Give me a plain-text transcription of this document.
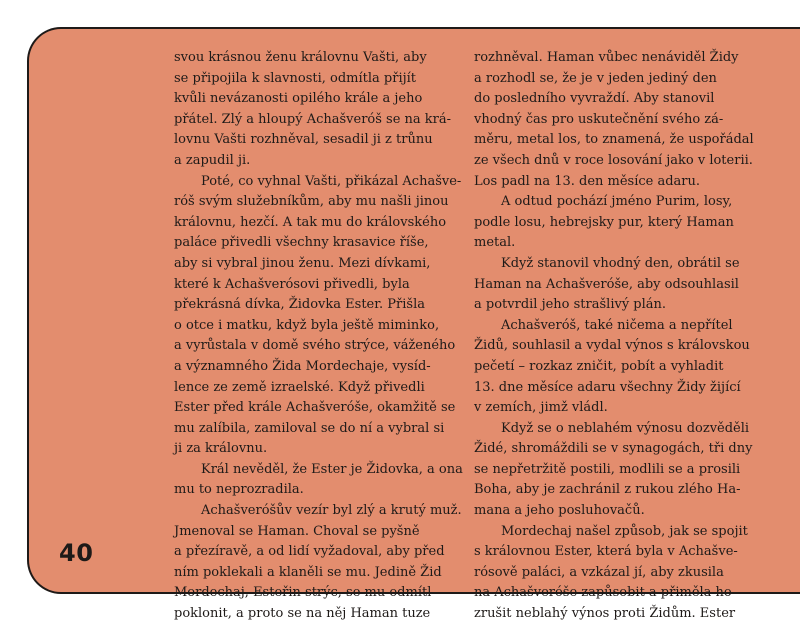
svou krásnou ženu královnu Vašti, aby
se připojila k slavnosti, odmítla přijít
kvůli nevázanosti opilého krále a jeho
přátel. Zlý a hloupý Achašveróš se na krá-
lovnu Vašti rozhněval, sesadil ji z trůnu
a zapudil ji.
Poté, co vyhnal Vašti, přikázal Achašve-
róš svým služebníkům, aby mu našli jinou
královnu, hezčí. A tak mu do královského
paláce přivedli všechny krasavice říše,
aby si vybral jinou ženu. Mezi dívkami,
které k Achašverósovi přivedli, byla
překrásná dívka, Židovka Ester. Přišla
o otce i matku, když byla ještě miminko,
a vyrůstala v domě svého strýce, váženého
a významného Žida Mordechaje, vysíd-
lence ze země izraelské. Když přivedli
Ester před krále Achašveróše, okamžitě se
mu zalíbila, zamiloval se do ní a vybral si
ji za královnu.
Král nevěděl, že Ester je Židovka, a ona
mu to neprozradila.
Achašveróšův vezír byl zlý a krutý muž.
Jmenoval se Haman. Choval se pyšně
a přezíravě, a od lidí vyžadoval, aby před
ním poklekali a klaněli se mu. Jedině Žid
Mordechaj, Esteřin strýc, se mu odmítl
poklonit, a proto se na něj Haman tuze
rozhněval. Haman vůbec nenáviděl Židy
a rozhodl se, že je v jeden jediný den
do posledního vyvraždí. Aby stanovil
vhodný čas pro uskutečnění svého zá-
měru, metal los, to znamená, že uspořádal
ze všech dnů v roce losování jako v loterii.
Los padl na 13. den měsíce adaru.
A odtud pochází jméno Purim, losy,
podle losu, hebrejsky pur, který Haman
metal.
Když stanovil vhodný den, obrátil se
Haman na Achašveróše, aby odsouhlasil
a potvrdil jeho strašlivý plán.
Achašveróš, také ničema a nepřítel
Židů, souhlasil a vydal výnos s královskou
pečetí – rozkaz zničit, pobít a vyhladit
13. dne měsíce adaru všechny Židy žijící
v zemích, jimž vládl.
Když se o neblahém výnosu dozvěděli
Židé, shromáždili se v synagogách, tři dny
se nepřetržitě postili, modlili se a prosili
Boha, aby je zachránil z rukou zlého Ha-
mana a jeho posluhovačů.
Mordechaj našel způsob, jak se spojit
s královnou Ester, která byla v Achašve-
rósově paláci, a vzkázal jí, aby zkusila
na Achašveróše zapůsobit a přiměla ho
zrušit neblahý výnos proti Židům. Ester
40
